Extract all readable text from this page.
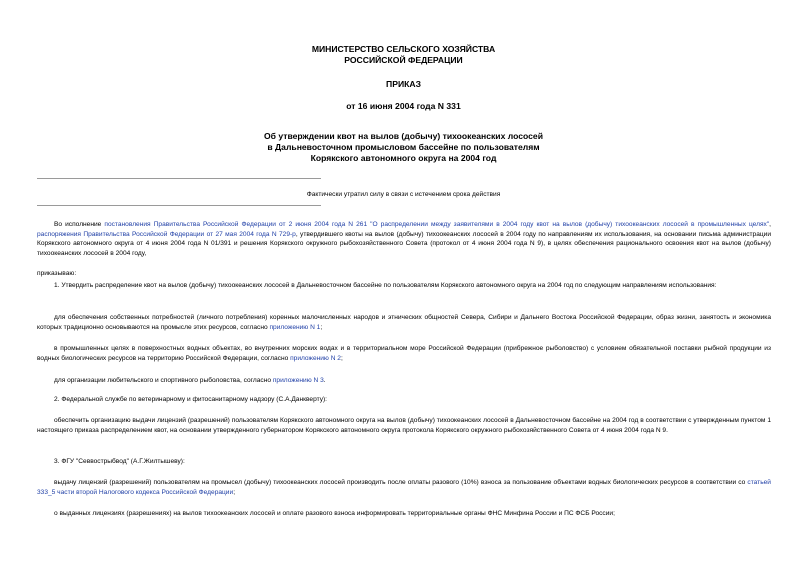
МИНИСТЕРСТВО СЕЛЬСКОГО ХОЗЯЙСТВА
РОССИЙСКОЙ ФЕДЕРАЦИИ
ПРИКАЗ
от 16 июня 2004 года N 331
Об утверждении квот на вылов (добычу) тихоокеанских лососей
в Дальневосточном промысловом бассейне по пользователям
Корякского автономного округа на 2004 год
Фактически утратил силу в связи с истечением срока действия
Во исполнение постановления Правительства Российской Федерации от 2 июня 2004 года N 261 "О распределении между заявителями в 2004 году квот на вылов (добычу) тихоокеанских лососей в промышленных целях", распоряжения Правительства Российской Федерации от 27 мая 2004 года N 729-р, утвердившего квоты на вылов (добычу) тихоокеанских лососей в 2004 году по направлениям их использования, на основании письма администрации Корякского автономного округа от 4 июня 2004 года N 01/391 и решения Корякского окружного рыбохозяйственного Совета (протокол от 4 июня 2004 года N 9), в целях обеспечения рационального освоения квот на вылов (добычу) тихоокеанских лососей в 2004 году,
приказываю:
1. Утвердить распределение квот на вылов (добычу) тихоокеанских лососей в Дальневосточном бассейне по пользователям Корякского автономного округа на 2004 год по следующим направлениям использования:
для обеспечения собственных потребностей (личного потребления) коренных малочисленных народов и этнических общностей Севера, Сибири и Дальнего Востока Российской Федерации, образ жизни, занятость и экономика которых традиционно основываются на промысле этих ресурсов, согласно приложению N 1;
в промышленных целях в поверхностных водных объектах, во внутренних морских водах и в территориальном море Российской Федерации (прибрежное рыболовство) с условием обязательной поставки рыбной продукции из водных биологических ресурсов на территорию Российской Федерации, согласно приложению N 2;
для организации любительского и спортивного рыболовства, согласно приложению N 3.
2. Федеральной службе по ветеринарному и фитосанитарному надзору (С.А.Данкверту):
обеспечить организацию выдачи лицензий (разрешений) пользователям Корякского автономного округа на вылов (добычу) тихоокеанских лососей в Дальневосточном бассейне на 2004 год в соответствии с утвержденным пунктом 1 настоящего приказа распределением квот, на основании утвержденного губернатором Корякского автономного округа протокола Корякского окружного рыбохозяйственного Совета от 4 июня 2004 года N 9.
3. ФГУ "Севвострыбвод" (А.Г.Жилтышеву):
выдачу лицензий (разрешений) пользователям на промысел (добычу) тихоокеанских лососей производить после оплаты разового (10%) взноса за пользование объектами водных биологических ресурсов в соответствии со статьей 333_5 части второй Налогового кодекса Российской Федерации;
о выданных лицензиях (разрешениях) на вылов тихоокеанских лососей и оплате разового взноса информировать территориальные органы ФНС Минфина России и ПС ФСБ России;
